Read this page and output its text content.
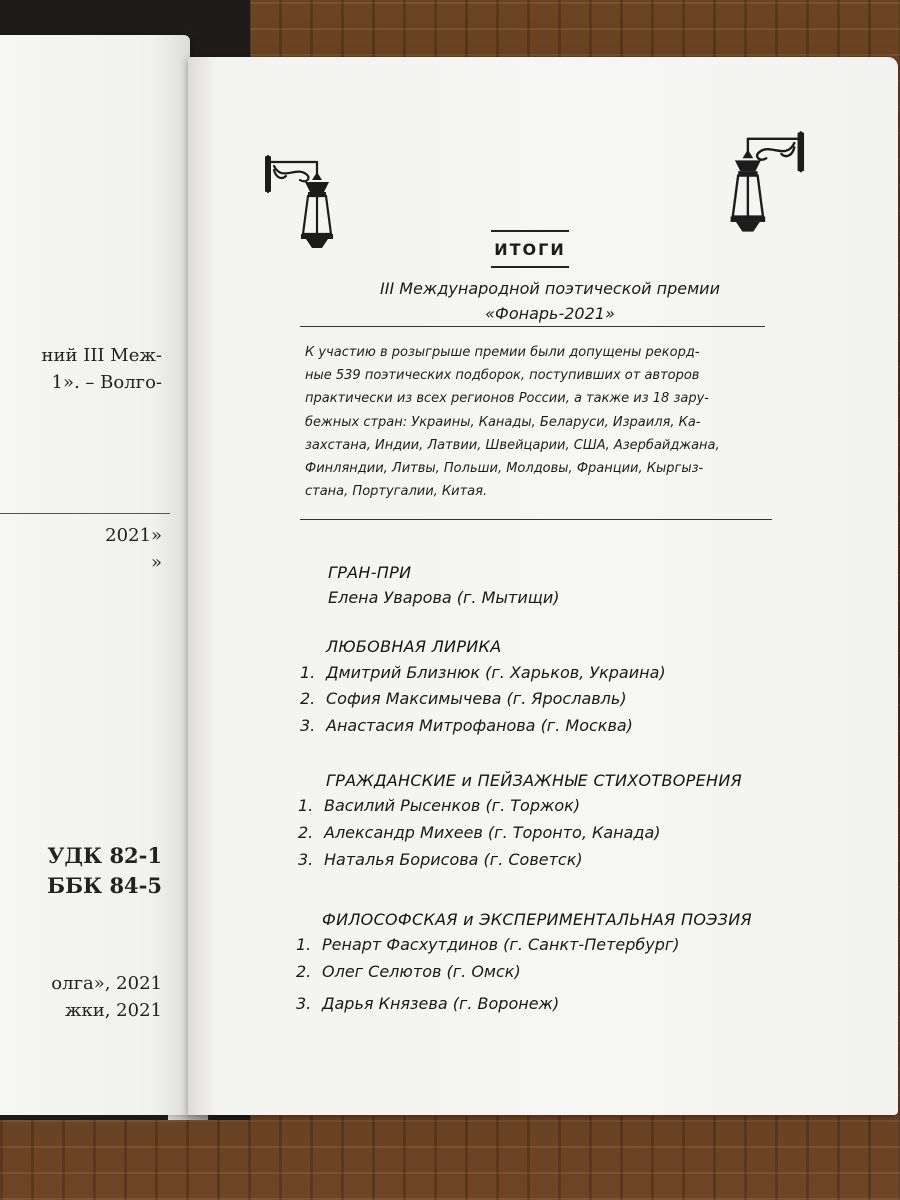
ний III Меж-
1». – Волго-
2021»
»
УДК 82-1
ББК 84-5
олга», 2021
жки, 2021
ИТОГИ
III Международной поэтической премии
«Фонарь-2021»
К участию в розыгрыше премии были допущены рекорд-
ные 539 поэтических подборок, поступивших от авторов
практически из всех регионов России, а также из 18 зару-
бежных стран: Украины, Канады, Беларуси, Израиля, Ка-
захстана, Индии, Латвии, Швейцарии, США, Азербайджана,
Финляндии, Литвы, Польши, Молдовы, Франции, Кыргыз-
стана, Португалии, Китая.
ГРАН-ПРИ
Елена Уварова (г. Мытищи)
ЛЮБОВНАЯ ЛИРИКА
1. Дмитрий Близнюк (г. Харьков, Украина)
2. София Максимычева (г. Ярославль)
3. Анастасия Митрофанова (г. Москва)
ГРАЖДАНСКИЕ и ПЕЙЗАЖНЫЕ СТИХОТВОРЕНИЯ
1. Василий Рысенков (г. Торжок)
2. Александр Михеев (г. Торонто, Канада)
3. Наталья Борисова (г. Советск)
ФИЛОСОФСКАЯ и ЭКСПЕРИМЕНТАЛЬНАЯ ПОЭЗИЯ
1. Ренарт Фасхутдинов (г. Санкт-Петербург)
2. Олег Селютов (г. Омск)
3. Дарья Князева (г. Воронеж)
